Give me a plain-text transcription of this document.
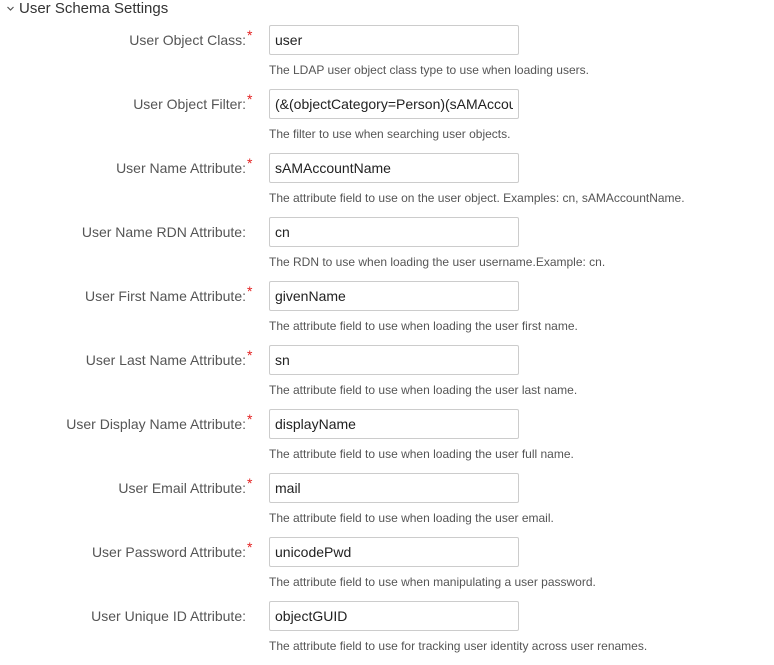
User Schema Settings
User Object Class: *
user
The LDAP user object class type to use when loading users.
User Object Filter: *
(&(objectCategory=Person)(sAMAccountName=*))
The filter to use when searching user objects.
User Name Attribute: *
sAMAccountName
The attribute field to use on the user object. Examples: cn, sAMAccountName.
User Name RDN Attribute:
cn
The RDN to use when loading the user username.Example: cn.
User First Name Attribute: *
givenName
The attribute field to use when loading the user first name.
User Last Name Attribute: *
sn
The attribute field to use when loading the user last name.
User Display Name Attribute: *
displayName
The attribute field to use when loading the user full name.
User Email Attribute: *
mail
The attribute field to use when loading the user email.
User Password Attribute: *
unicodePwd
The attribute field to use when manipulating a user password.
User Unique ID Attribute:
objectGUID
The attribute field to use for tracking user identity across user renames.
